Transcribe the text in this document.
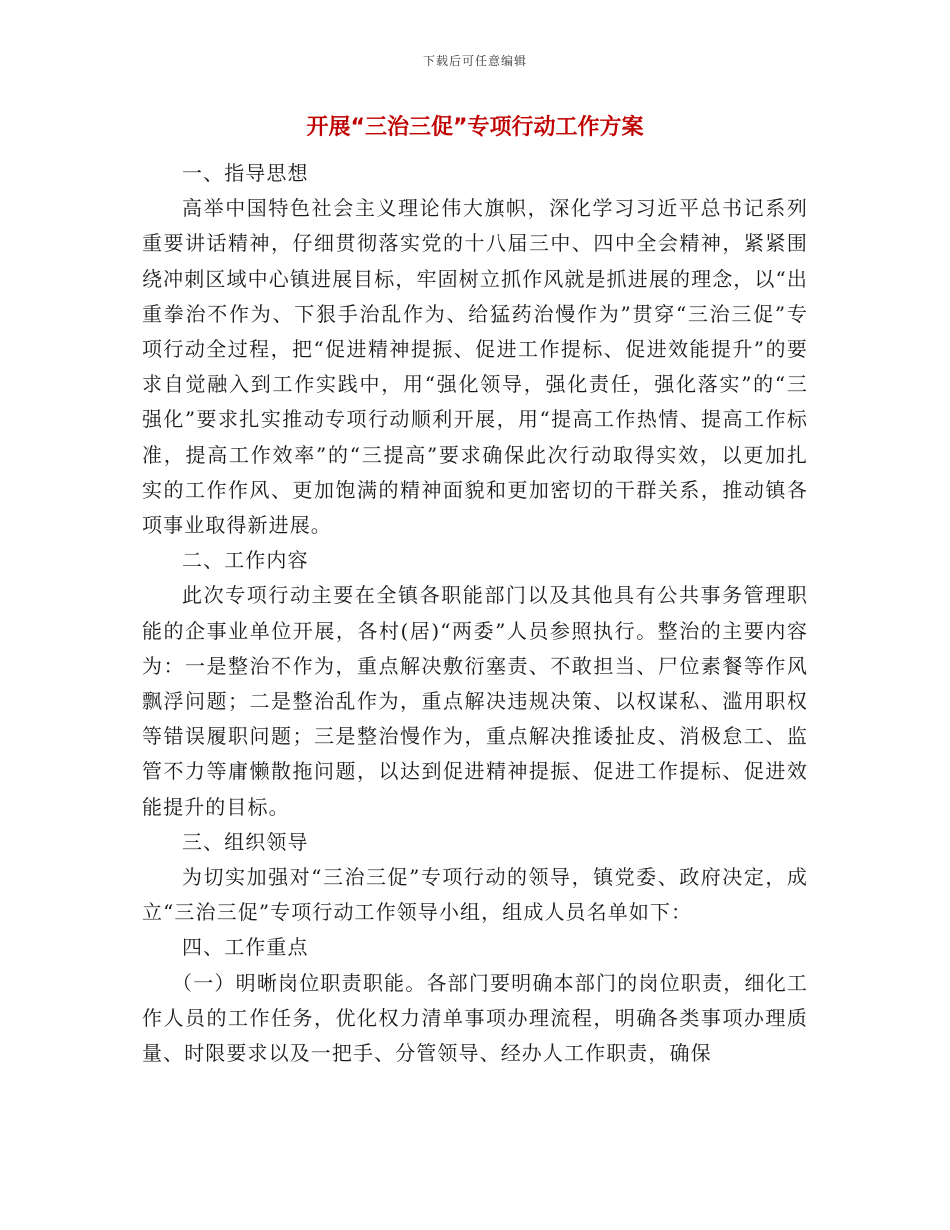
下载后可任意编辑
开展“三治三促”专项行动工作方案

一、指导思想

高举中国特色社会主义理论伟大旗帜，深化学习习近平总书记系列重要讲话精神，仔细贯彻落实党的十八届三中、四中全会精神，紧紧围绕冲刺区域中心镇进展目标，牢固树立抓作风就是抓进展的理念，以“出重拳治不作为、下狠手治乱作为、给猛药治慢作为”贯穿“三治三促”专项行动全过程，把“促进精神提振、促进工作提标、促进效能提升”的要求自觉融入到工作实践中，用“强化领导，强化责任，强化落实”的“三强化”要求扎实推动专项行动顺利开展，用“提高工作热情、提高工作标准，提高工作效率”的“三提高”要求确保此次行动取得实效，以更加扎实的工作作风、更加饱满的精神面貌和更加密切的干群关系，推动镇各项事业取得新进展。

二、工作内容

此次专项行动主要在全镇各职能部门以及其他具有公共事务管理职能的企事业单位开展，各村(居)“两委”人员参照执行。整治的主要内容为：一是整治不作为，重点解决敷衍塞责、不敢担当、尸位素餐等作风飘浮问题；二是整治乱作为，重点解决违规决策、以权谋私、滥用职权等错误履职问题；三是整治慢作为，重点解决推诿扯皮、消极怠工、监管不力等庸懒散拖问题，以达到促进精神提振、促进工作提标、促进效能提升的目标。

三、组织领导

为切实加强对“三治三促”专项行动的领导，镇党委、政府决定，成立“三治三促”专项行动工作领导小组，组成人员名单如下：

四、工作重点

（一）明晰岗位职责职能。各部门要明确本部门的岗位职责，细化工作人员的工作任务，优化权力清单事项办理流程，明确各类事项办理质量、时限要求以及一把手、分管领导、经办人工作职责，确保
